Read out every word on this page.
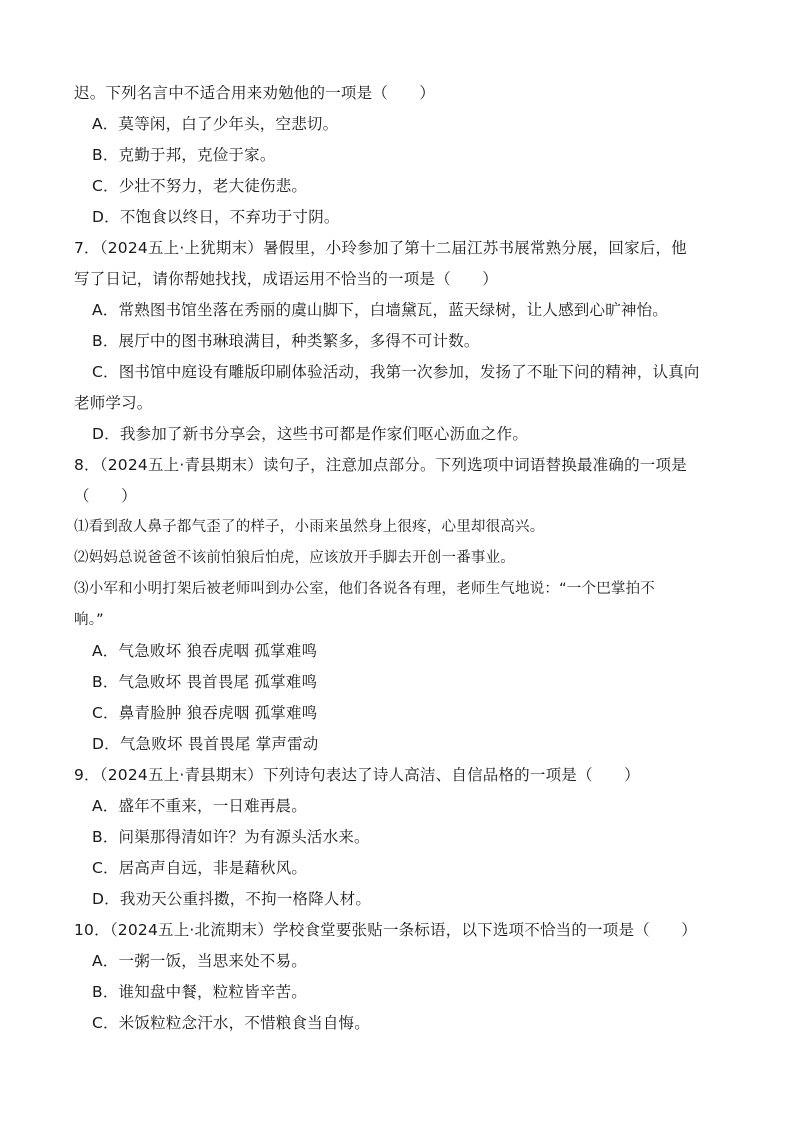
迟。下列名言中不适合用来劝勉他的一项是（　　）
A．莫等闲，白了少年头，空悲切。
B．克勤于邦，克俭于家。
C．少壮不努力，老大徒伤悲。
D．不饱食以终日，不弃功于寸阴。
7．（2024五上·上犹期末）暑假里，小玲参加了第十二届江苏书展常熟分展，回家后，他
写了日记，请你帮她找找，成语运用不恰当的一项是（　　）
A．常熟图书馆坐落在秀丽的虞山脚下，白墙黛瓦，蓝天绿树，让人感到心旷神怡。
B．展厅中的图书琳琅满目，种类繁多，多得不可计数。
C．图书馆中庭设有雕版印刷体验活动，我第一次参加，发扬了不耻下问的精神，认真向
老师学习。
D．我参加了新书分享会，这些书可都是作家们呕心沥血之作。
8．（2024五上·青县期末）读句子，注意加点部分。下列选项中词语替换最准确的一项是
（　　）
⑴看到敌人鼻子都气歪了的样子，小雨来虽然身上很疼，心里却很高兴。
⑵妈妈总说爸爸不该前怕狼后怕虎，应该放开手脚去开创一番事业。
⑶小军和小明打架后被老师叫到办公室，他们各说各有理，老师生气地说：“一个巴掌拍不
响。”
A．气急败坏 狼吞虎咽 孤掌难鸣
B．气急败坏 畏首畏尾 孤掌难鸣
C．鼻青脸肿 狼吞虎咽 孤掌难鸣
D．气急败坏 畏首畏尾 掌声雷动
9．（2024五上·青县期末）下列诗句表达了诗人高洁、自信品格的一项是（　　）
A．盛年不重来，一日难再晨。
B．问渠那得清如许？为有源头活水来。
C．居高声自远，非是藉秋风。
D．我劝天公重抖擞，不拘一格降人材。
10．（2024五上·北流期末）学校食堂要张贴一条标语，以下选项不恰当的一项是（　　）
A．一粥一饭，当思来处不易。
B．谁知盘中餐，粒粒皆辛苦。
C．米饭粒粒念汗水，不惜粮食当自悔。
